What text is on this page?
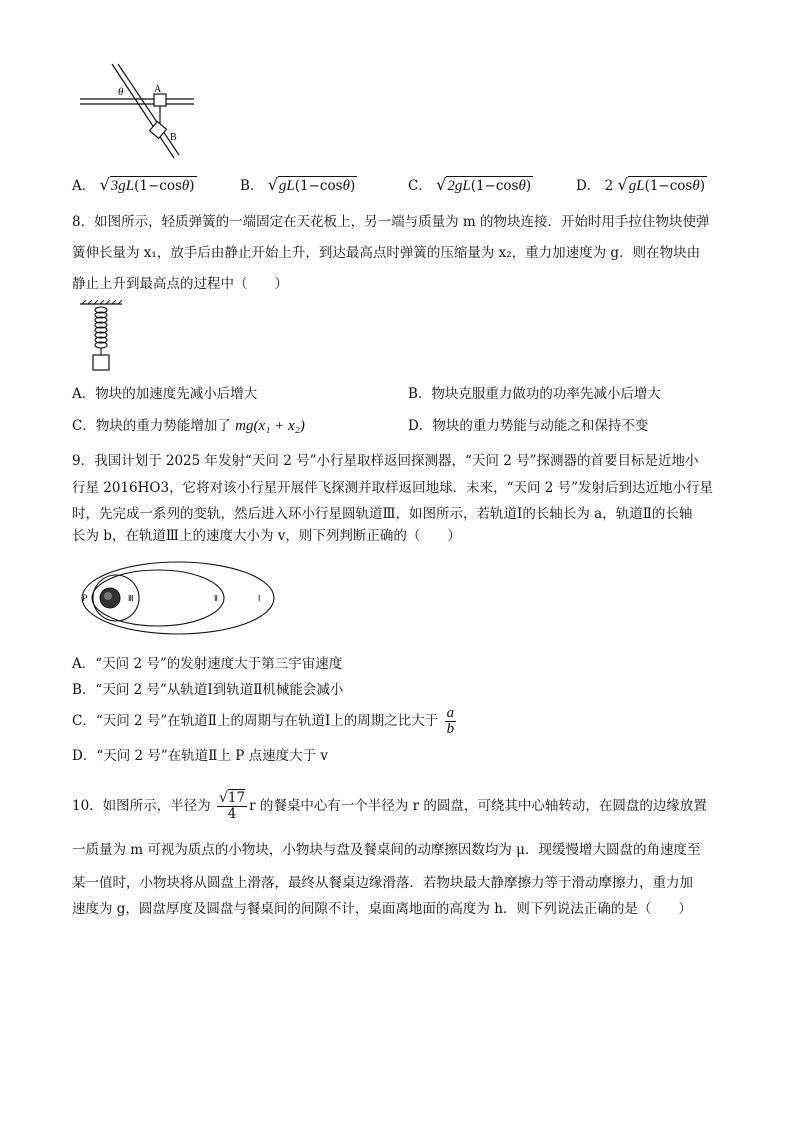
θ	A
B
A． √3gL(1−cosθ)	B． √gL(1−cosθ)	C． √2gL(1−cosθ)	D． 2 √gL(1−cosθ)
8．如图所示，轻质弹簧的一端固定在天花板上，另一端与质量为 m 的物块连接．开始时用手拉住物块使弹
簧伸长量为 x₁，放手后由静止开始上升，到达最高点时弹簧的压缩量为 x₂，重力加速度为 g．则在物块由
静止上升到最高点的过程中（　　）
A．物块的加速度先减小后增大	B．物块克服重力做功的功率先减小后增大
C．物块的重力势能增加了 mg(x₁ + x₂)	D．物块的重力势能与动能之和保持不变
9．我国计划于 2025 年发射“天问 2 号”小行星取样返回探测器，“天问 2 号”探测器的首要目标是近地小
行星 2016HO3，它将对该小行星开展伴飞探测并取样返回地球．未来，“天问 2 号”发射后到达近地小行星
时，先完成一系列的变轨，然后进入环小行星圆轨道Ⅲ，如图所示，若轨道Ⅰ的长轴长为 a，轨道Ⅱ的长轴
长为 b，在轨道Ⅲ上的速度大小为 v，则下列判断正确的（　　）
P	Ⅲ	Ⅱ	Ⅰ
A．“天问 2 号”的发射速度大于第三宇宙速度
B．“天问 2 号”从轨道Ⅰ到轨道Ⅱ机械能会减小
C．“天问 2 号”在轨道Ⅱ上的周期与在轨道Ⅰ上的周期之比大于 $\frac{a}{b}$
D．“天问 2 号”在轨道Ⅱ上 P 点速度大于 v
10．如图所示，半径为 $\frac{√17}{4}$ r 的餐桌中心有一个半径为 r 的圆盘，可绕其中心轴转动，在圆盘的边缘放置
一质量为 m 可视为质点的小物块，小物块与盘及餐桌间的动摩擦因数均为 μ．现缓慢增大圆盘的角速度至
某一值时，小物块将从圆盘上滑落，最终从餐桌边缘滑落．若物块最大静摩擦力等于滑动摩擦力，重力加
速度为 g，圆盘厚度及圆盘与餐桌间的间隙不计，桌面离地面的高度为 h．则下列说法正确的是（　　）
